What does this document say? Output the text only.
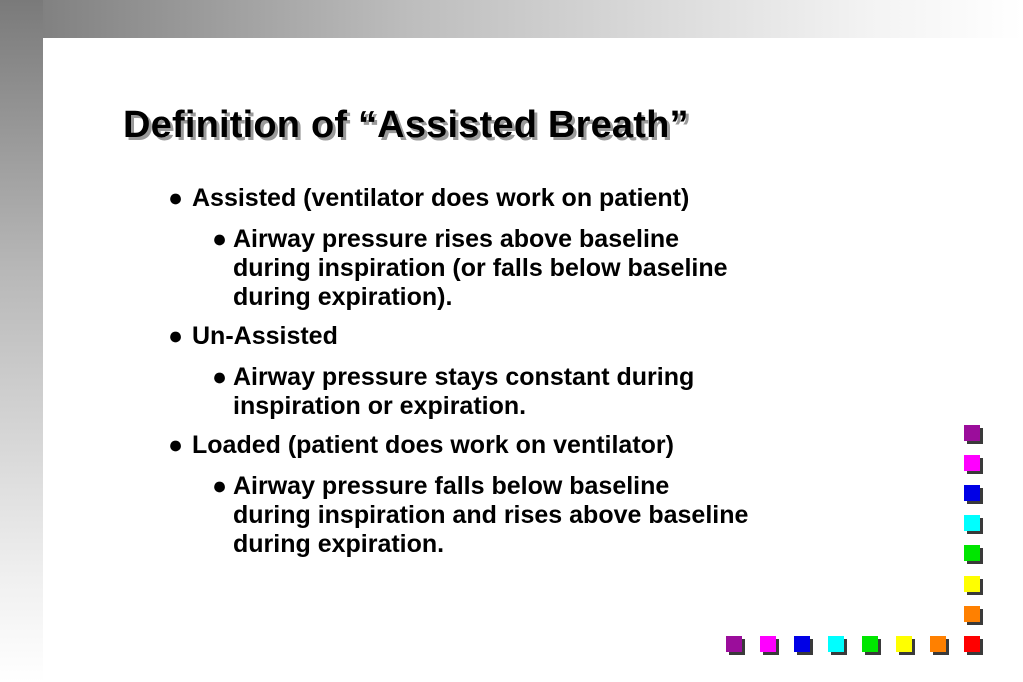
Definition of “Assisted Breath”
● Assisted (ventilator does work on patient)
● Airway pressure rises above baseline
during inspiration (or falls below baseline
during expiration).
● Un-Assisted
● Airway pressure stays constant during
inspiration or expiration.
● Loaded (patient does work on ventilator)
● Airway pressure falls below baseline
during inspiration and rises above baseline
during expiration.
